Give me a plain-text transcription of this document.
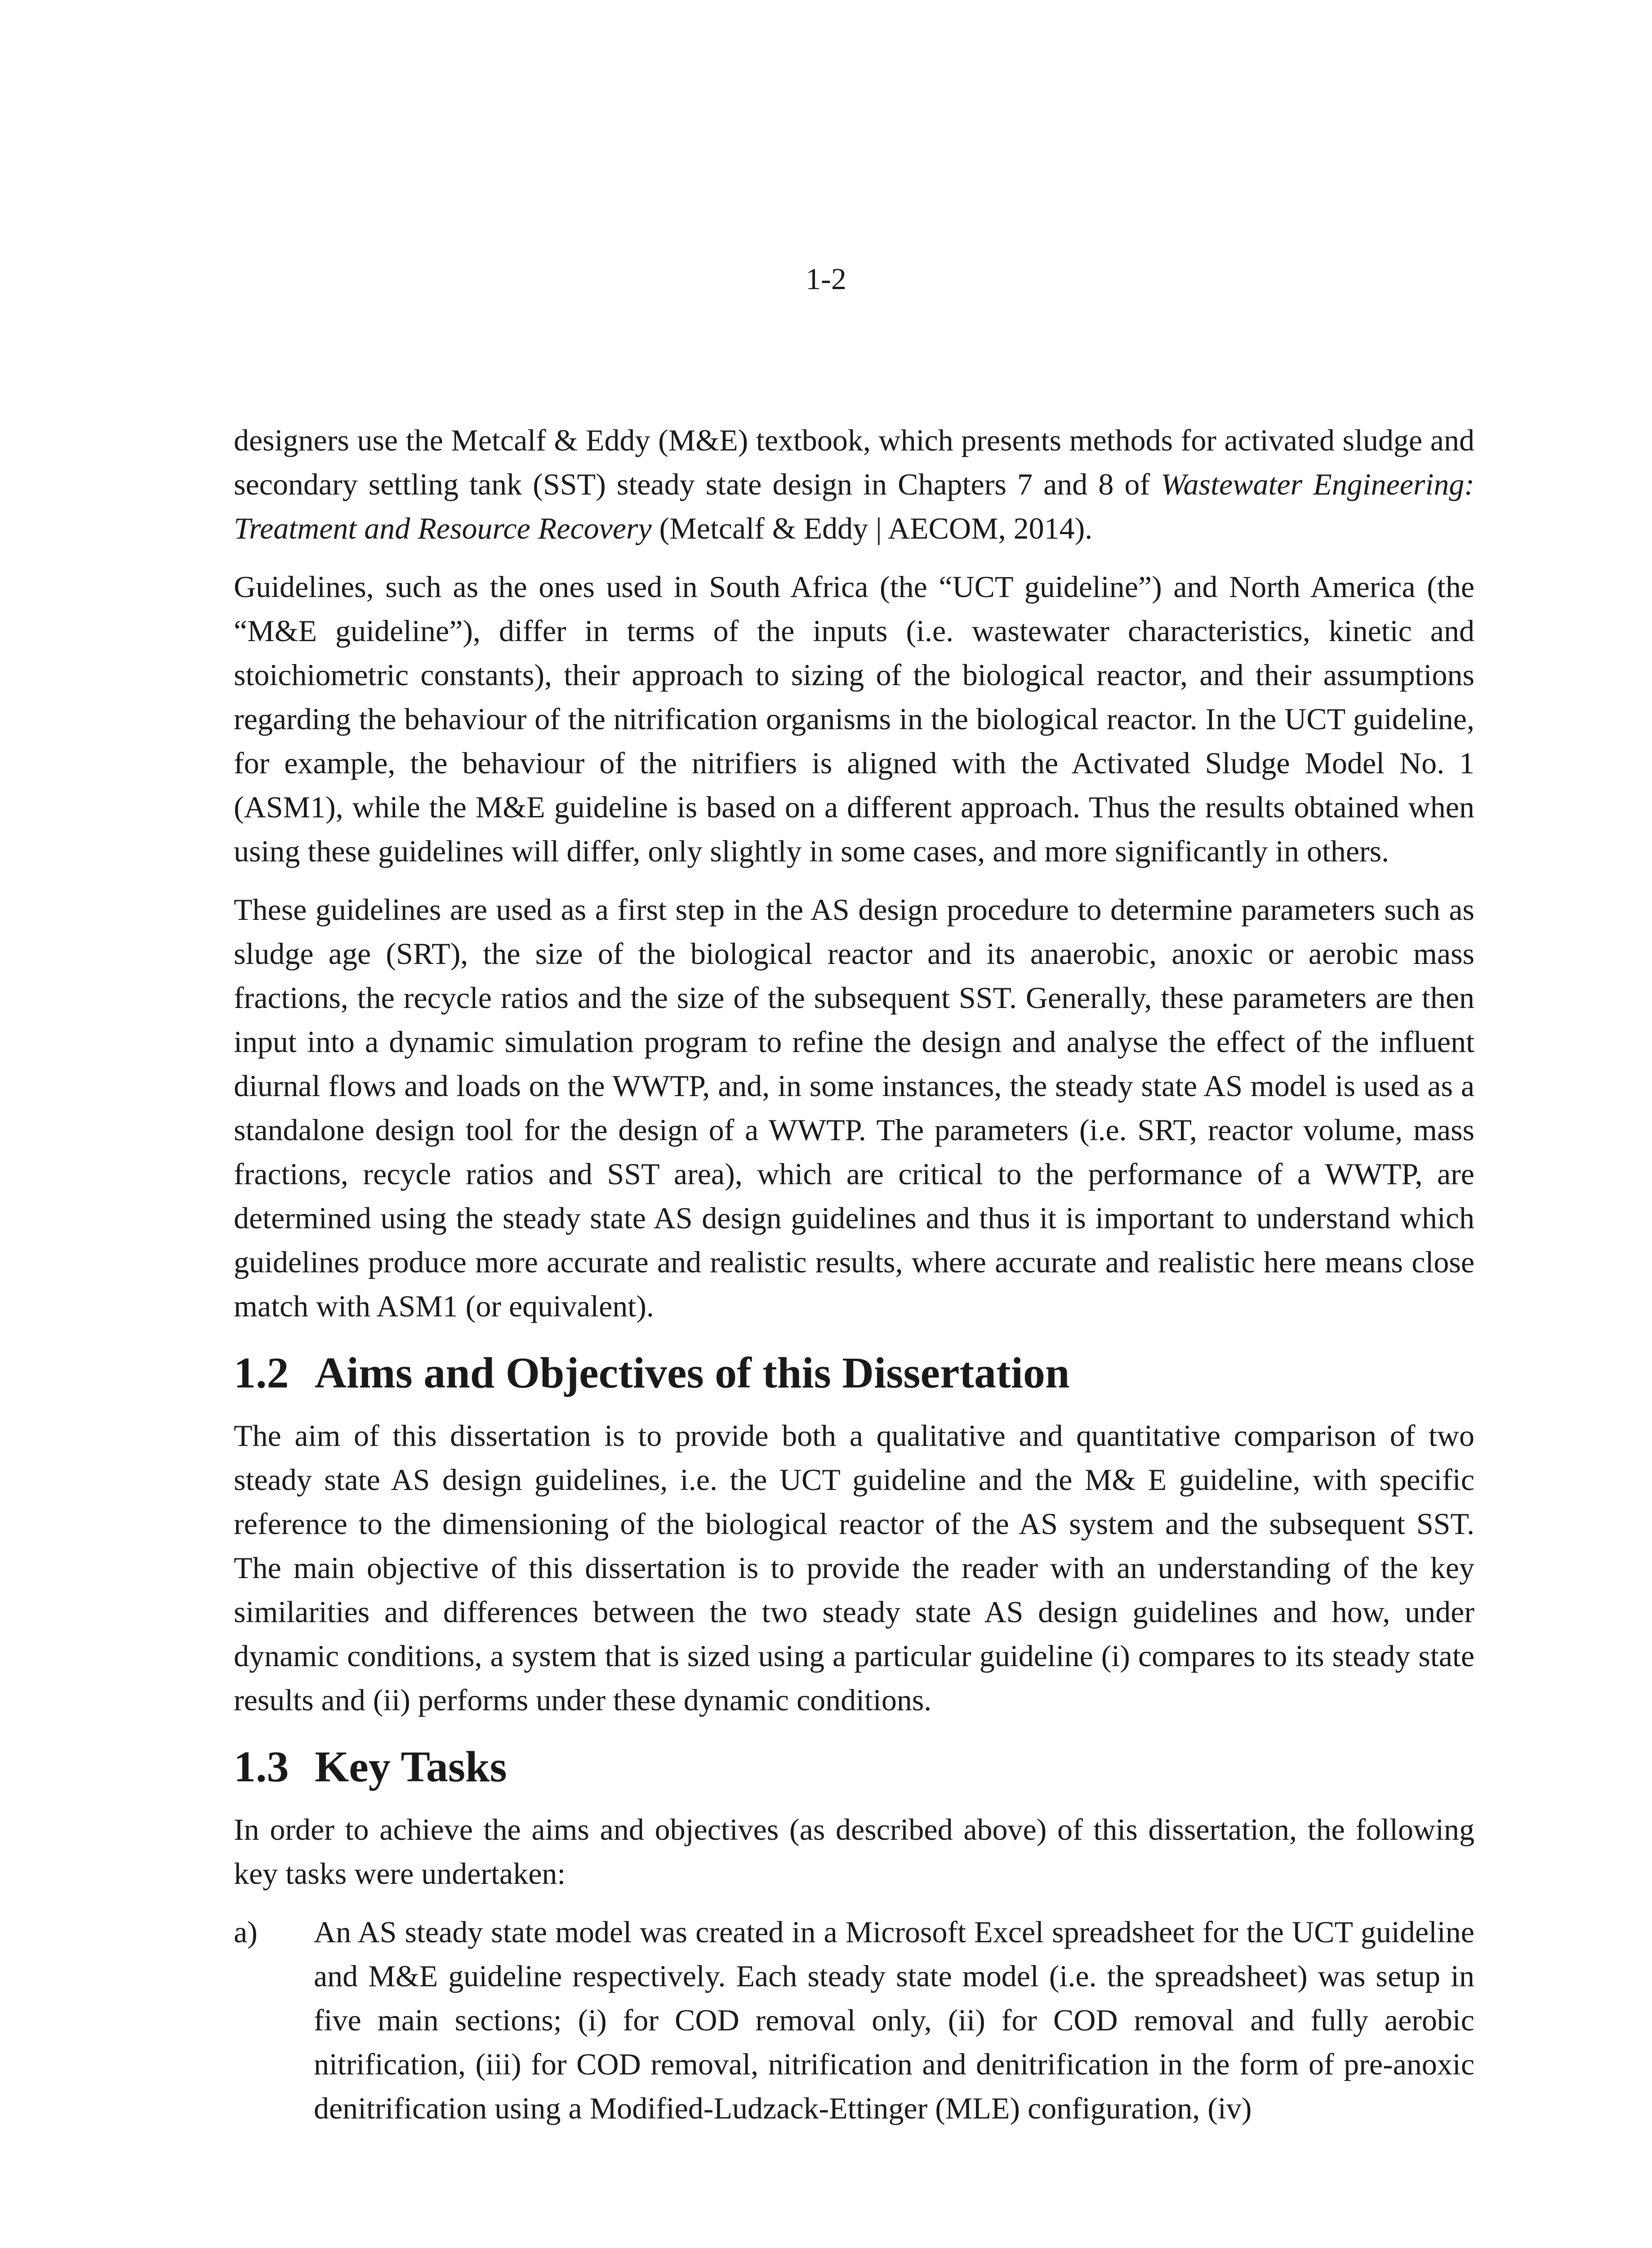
1-2

designers use the Metcalf & Eddy (M&E) textbook, which presents methods for activated sludge and secondary settling tank (SST) steady state design in Chapters 7 and 8 of Wastewater Engineering: Treatment and Resource Recovery (Metcalf & Eddy | AECOM, 2014).

Guidelines, such as the ones used in South Africa (the “UCT guideline”) and North America (the “M&E guideline”), differ in terms of the inputs (i.e. wastewater characteristics, kinetic and stoichiometric constants), their approach to sizing of the biological reactor, and their assumptions regarding the behaviour of the nitrification organisms in the biological reactor. In the UCT guideline, for example, the behaviour of the nitrifiers is aligned with the Activated Sludge Model No. 1 (ASM1), while the M&E guideline is based on a different approach. Thus the results obtained when using these guidelines will differ, only slightly in some cases, and more significantly in others.

These guidelines are used as a first step in the AS design procedure to determine parameters such as sludge age (SRT), the size of the biological reactor and its anaerobic, anoxic or aerobic mass fractions, the recycle ratios and the size of the subsequent SST. Generally, these parameters are then input into a dynamic simulation program to refine the design and analyse the effect of the influent diurnal flows and loads on the WWTP, and, in some instances, the steady state AS model is used as a standalone design tool for the design of a WWTP. The parameters (i.e. SRT, reactor volume, mass fractions, recycle ratios and SST area), which are critical to the performance of a WWTP, are determined using the steady state AS design guidelines and thus it is important to understand which guidelines produce more accurate and realistic results, where accurate and realistic here means close match with ASM1 (or equivalent).

1.2 Aims and Objectives of this Dissertation

The aim of this dissertation is to provide both a qualitative and quantitative comparison of two steady state AS design guidelines, i.e. the UCT guideline and the M& E guideline, with specific reference to the dimensioning of the biological reactor of the AS system and the subsequent SST. The main objective of this dissertation is to provide the reader with an understanding of the key similarities and differences between the two steady state AS design guidelines and how, under dynamic conditions, a system that is sized using a particular guideline (i) compares to its steady state results and (ii) performs under these dynamic conditions.

1.3 Key Tasks

In order to achieve the aims and objectives (as described above) of this dissertation, the following key tasks were undertaken:

a)	An AS steady state model was created in a Microsoft Excel spreadsheet for the UCT guideline and M&E guideline respectively. Each steady state model (i.e. the spreadsheet) was setup in five main sections; (i) for COD removal only, (ii) for COD removal and fully aerobic nitrification, (iii) for COD removal, nitrification and denitrification in the form of pre-anoxic denitrification using a Modified-Ludzack-Ettinger (MLE) configuration, (iv)
